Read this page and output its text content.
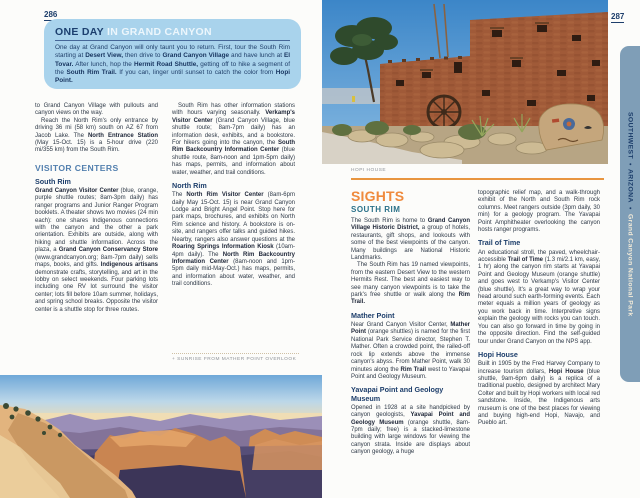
286
ONE DAY IN GRAND CANYON

One day at Grand Canyon will only taunt you to return. First, tour the South Rim starting at Desert View, then drive to Grand Canyon Village and have lunch at El Tovar. After lunch, hop the Hermit Road Shuttle, getting off to hike a segment of the South Rim Trail. If you can, linger until sunset to catch the color from Hopi Point.

to Grand Canyon Village with pullouts and canyon views on the way.

Reach the North Rim's only entrance by driving 36 mi (58 km) south on AZ 67 from Jacob Lake. The North Entrance Station (May 15-Oct. 15) is a 5-hour drive (220 mi/355 km) from the South Rim.

VISITOR CENTERS
South Rim

Grand Canyon Visitor Center (blue, orange, purple shuttle routes; 8am-3pm daily) has ranger programs and Junior Ranger Program booklets. A theater shows two movies (24 min each): one shares Indigenous connections with the canyon and the other a park orientation. Exhibits are outside, along with hiking and shuttle information. Across the plaza, a Grand Canyon Conservancy Store (www.grandcanyon.org; 8am-7pm daily) sells maps, books, and gifts. Indigenous artisans demonstrate crafts, storytelling, and art in the lobby on select weekends. Four parking lots including one RV lot surround the visitor center; lots fill before 10am summer, holidays, and spring school breaks. Opposite the visitor center is a shuttle stop for three routes.

South Rim has other information stations with hours varying seasonally. Verkamp's Visitor Center (Grand Canyon Village, blue shuttle route; 8am-7pm daily) has an information desk, exhibits, and a bookstore. For hikers going into the canyon, the South Rim Backcountry Information Center (blue shuttle route, 8am-noon and 1pm-5pm daily) has maps, permits, and information about water, weather, and trail conditions.

North Rim

The North Rim Visitor Center (8am-6pm daily May 15-Oct. 15) is near Grand Canyon Lodge and Bright Angel Point. Stop here for park maps, brochures, and exhibits on North Rim science and history. A bookstore is on-site, and rangers offer talks and guided hikes. Nearby, rangers also answer questions at the Roaring Springs Information Kiosk (10am-4pm daily). The North Rim Backcountry Information Center (8am-noon and 1pm-5pm daily mid-May-Oct.) has maps, permits, and information about water, weather, and trail conditions.

+ SUNRISE FROM MATHER POINT OVERLOOK
HOPI HOUSE
SIGHTS
SOUTH RIM

The South Rim is home to Grand Canyon Village Historic District, a group of hotels, restaurants, gift shops, and lookouts with some of the best viewpoints of the canyon. Many buildings are National Historic Landmarks.

The South Rim has 19 named viewpoints, from the eastern Desert View to the western Hermits Rest. The best and easiest way to see many canyon viewpoints is to take the park's free shuttle or walk along the Rim Trail.

Mather Point

Near Grand Canyon Visitor Center, Mather Point (orange shuttles) is named for the first National Park Service director, Stephen T. Mather. Often a crowded point, the railed-off rock lip extends above the immense canyon's abyss. From Mather Point, walk 30 minutes along the Rim Trail west to Yavapai Point and Geology Museum.

Yavapai Point and Geology Museum

Opened in 1928 at a site handpicked by canyon geologists, Yavapai Point and Geology Museum (orange shuttle, 8am-7pm daily; free) is a stacked-limestone building with large windows for viewing the canyon strata. Inside are displays about canyon geology, a huge

topographic relief map, and a walk-through exhibit of the North and South Rim rock columns. Meet rangers outside (3pm daily, 30 min) for a geology program. The Yavapai Point Amphitheater overlooking the canyon hosts ranger programs.

Trail of Time

An educational stroll, the paved, wheelchair-accessible Trail of Time (1.3 mi/2.1 km, easy, 1 hr) along the canyon rim starts at Yavapai Point and Geology Museum (orange shuttle) and goes west to Verkamp's Visitor Center (blue shuttle). It's a great way to wrap your head around such earth-forming events. Each meter equals a million years of geology as you work back in time. Interpretive signs explain the geology with rocks you can touch. You can also go forward in time by going in the opposite direction. Find the self-guided tour under Grand Canyon on the NPS app.

Hopi House

Built in 1905 by the Fred Harvey Company to increase tourism dollars, Hopi House (blue shuttle, 9am-6pm daily) is a replica of a traditional pueblo, designed by architect Mary Colter and built by Hopi workers with local red sandstone. Inside, the Indigenous arts museum is one of the best places for viewing and buying high-end Hopi, Navajo, and Pueblo art.

287
SOUTHWEST
•
ARIZONA
•
Grand Canyon National Park
